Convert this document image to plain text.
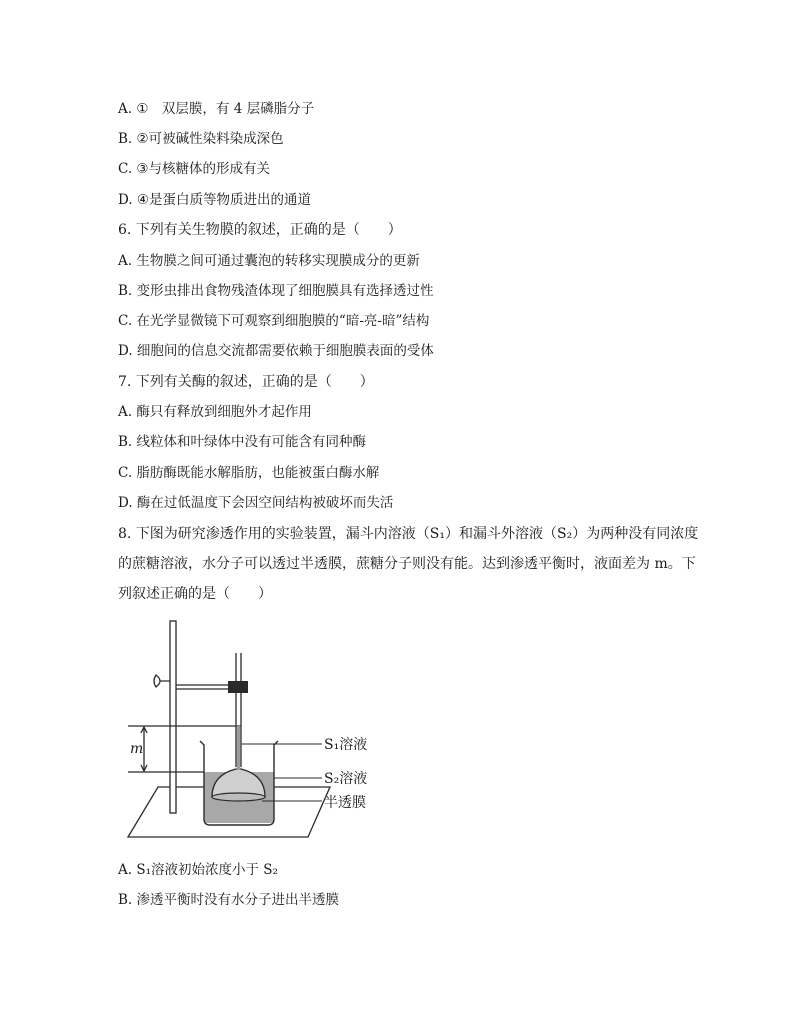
A. ①　双层膜，有 4 层磷脂分子
B. ②可被碱性染料染成深色
C. ③与核糖体的形成有关
D. ④是蛋白质等物质进出的通道
6. 下列有关生物膜的叙述，正确的是（　　）
A. 生物膜之间可通过囊泡的转移实现膜成分的更新
B. 变形虫排出食物残渣体现了细胞膜具有选择透过性
C. 在光学显微镜下可观察到细胞膜的“暗-亮-暗”结构
D. 细胞间的信息交流都需要依赖于细胞膜表面的受体
7. 下列有关酶的叙述，正确的是（　　）
A. 酶只有释放到细胞外才起作用
B. 线粒体和叶绿体中没有可能含有同种酶
C. 脂肪酶既能水解脂肪，也能被蛋白酶水解
D. 酶在过低温度下会因空间结构被破坏而失活
8. 下图为研究渗透作用的实验装置，漏斗内溶液（S₁）和漏斗外溶液（S₂）为两种没有同浓度
的蔗糖溶液，水分子可以透过半透膜，蔗糖分子则没有能。达到渗透平衡时，液面差为 m。下
列叙述正确的是（　　）
m	S₁溶液
S₂溶液
半透膜
A. S₁溶液初始浓度小于 S₂
B. 渗透平衡时没有水分子进出半透膜
